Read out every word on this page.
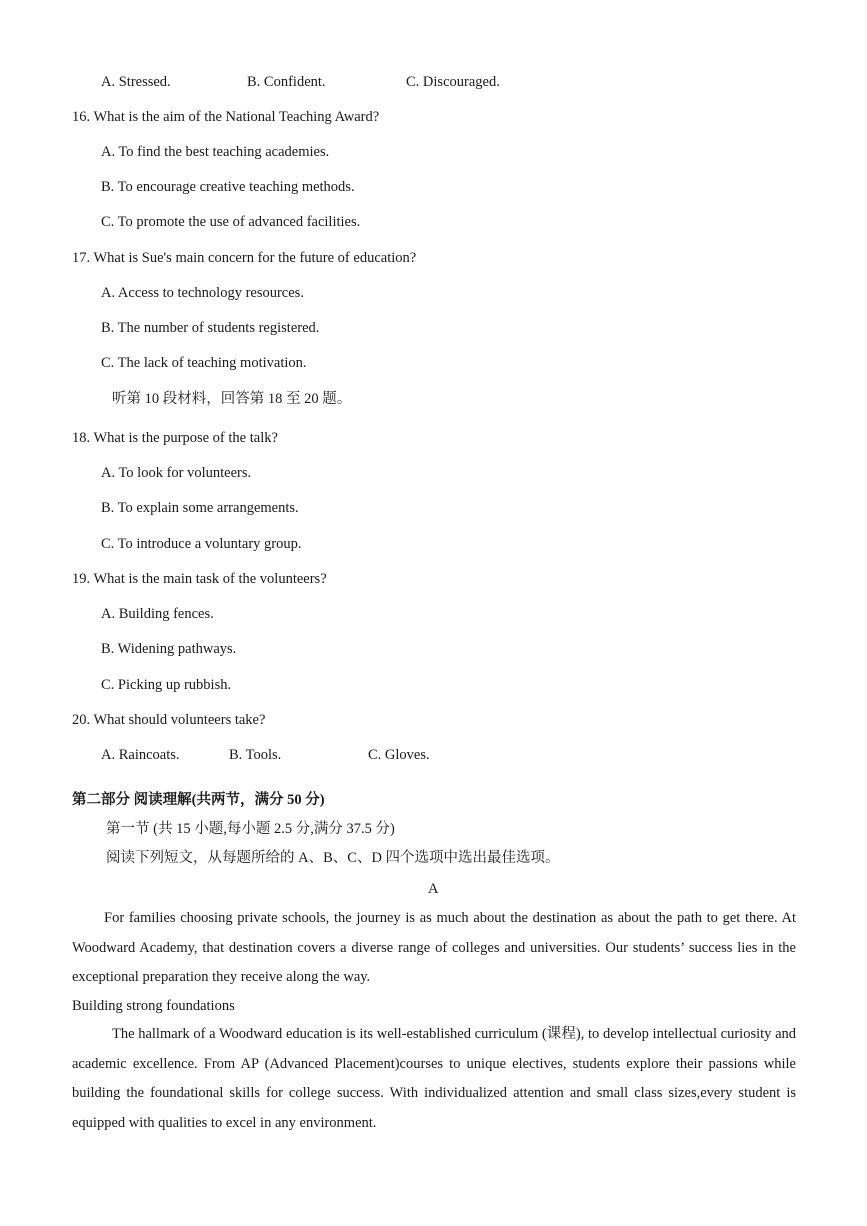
A. Stressed.	B. Confident.	C. Discouraged.
16. What is the aim of the National Teaching Award?
A. To find the best teaching academies.
B. To encourage creative teaching methods.
C. To promote the use of advanced facilities.
17. What is Sue's main concern for the future of education?
A. Access to technology resources.
B. The number of students registered.
C. The lack of teaching motivation.
听第 10 段材料，回答第 18 至 20 题。
18. What is the purpose of the talk?
A. To look for volunteers.
B. To explain some arrangements.
C. To introduce a voluntary group.
19. What is the main task of the volunteers?
A. Building fences.
B. Widening pathways.
C. Picking up rubbish.
20. What should volunteers take?
A. Raincoats.	B. Tools.	C. Gloves.
第二部分 阅读理解(共两节，满分 50 分)
第一节 (共 15 小题,每小题 2.5 分,满分 37.5 分)
阅读下列短文，从每题所给的 A、B、C、D 四个选项中选出最佳选项。
A
For families choosing private schools, the journey is as much about the destination as about the path to get there. At Woodward Academy, that destination covers a diverse range of colleges and universities. Our students’ success lies in the exceptional preparation they receive along the way.
Building strong foundations
The hallmark of a Woodward education is its well-established curriculum (课程), to develop intellectual curiosity and academic excellence. From AP (Advanced Placement)courses to unique electives, students explore their passions while building the foundational skills for college success. With individualized attention and small class sizes,every student is equipped with qualities to excel in any environment.
